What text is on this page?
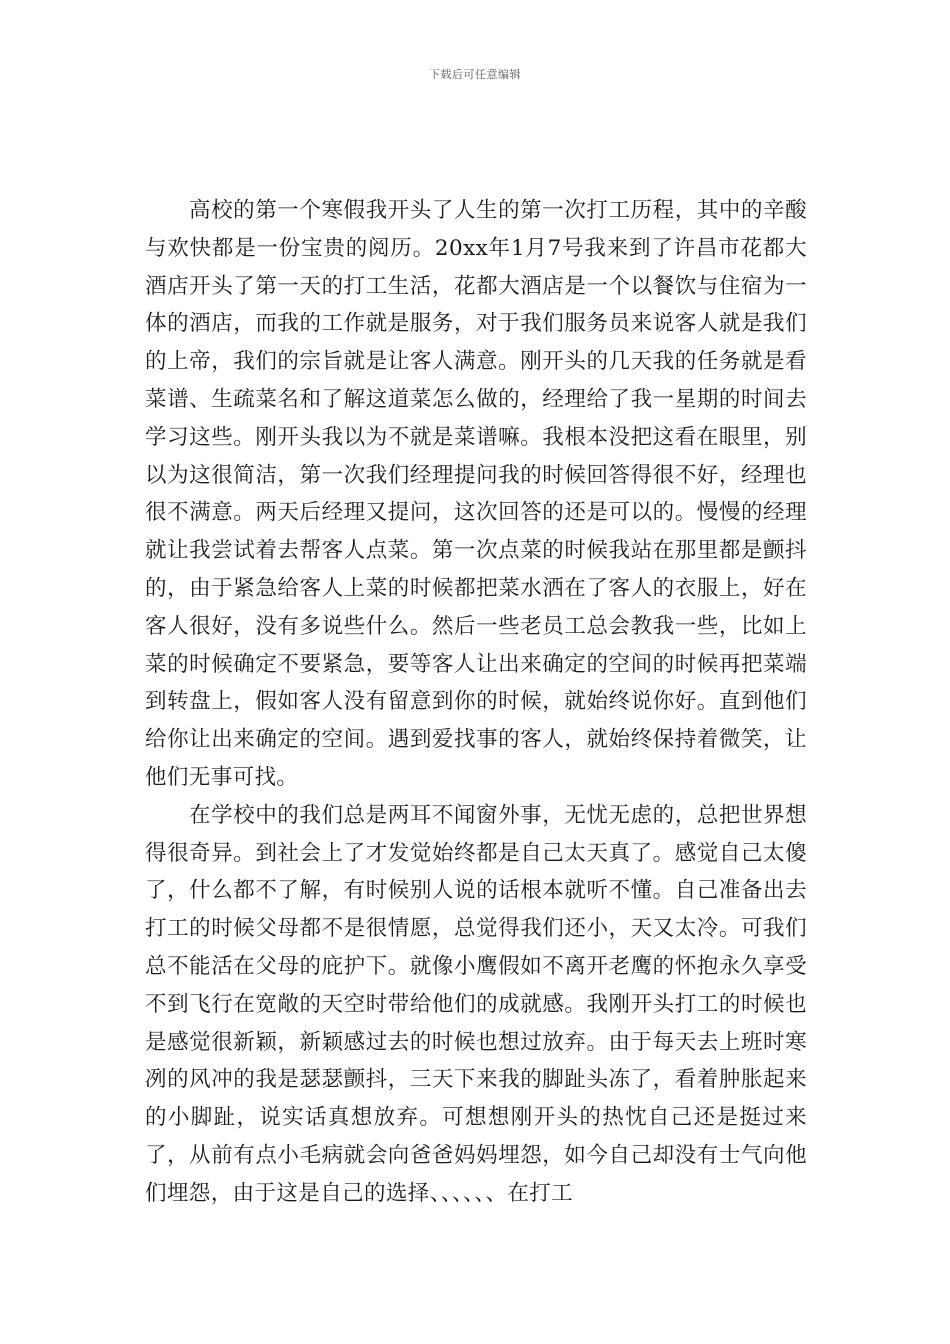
下载后可任意编辑

高校的第一个寒假我开头了人生的第一次打工历程，其中的辛酸与欢快都是一份宝贵的阅历。20xx年1月7号我来到了许昌市花都大酒店开头了第一天的打工生活，花都大酒店是一个以餐饮与住宿为一体的酒店，而我的工作就是服务，对于我们服务员来说客人就是我们的上帝，我们的宗旨就是让客人满意。刚开头的几天我的任务就是看菜谱、生疏菜名和了解这道菜怎么做的，经理给了我一星期的时间去学习这些。刚开头我以为不就是菜谱嘛。我根本没把这看在眼里，别以为这很简洁，第一次我们经理提问我的时候回答得很不好，经理也很不满意。两天后经理又提问，这次回答的还是可以的。慢慢的经理就让我尝试着去帮客人点菜。第一次点菜的时候我站在那里都是颤抖的，由于紧急给客人上菜的时候都把菜水洒在了客人的衣服上，好在客人很好，没有多说些什么。然后一些老员工总会教我一些，比如上菜的时候确定不要紧急，要等客人让出来确定的空间的时候再把菜端到转盘上，假如客人没有留意到你的时候，就始终说你好。直到他们给你让出来确定的空间。遇到爱找事的客人，就始终保持着微笑，让他们无事可找。

在学校中的我们总是两耳不闻窗外事，无忧无虑的，总把世界想得很奇异。到社会上了才发觉始终都是自己太天真了。感觉自己太傻了，什么都不了解，有时候别人说的话根本就听不懂。自己准备出去打工的时候父母都不是很情愿，总觉得我们还小，天又太冷。可我们总不能活在父母的庇护下。就像小鹰假如不离开老鹰的怀抱永久享受不到飞行在宽敞的天空时带给他们的成就感。我刚开头打工的时候也是感觉很新颖，新颖感过去的时候也想过放弃。由于每天去上班时寒冽的风冲的我是瑟瑟颤抖，三天下来我的脚趾头冻了，看着肿胀起来的小脚趾，说实话真想放弃。可想想刚开头的热忱自己还是挺过来了，从前有点小毛病就会向爸爸妈妈埋怨，如今自己却没有士气向他们埋怨，由于这是自己的选择、、、、、、在打工
